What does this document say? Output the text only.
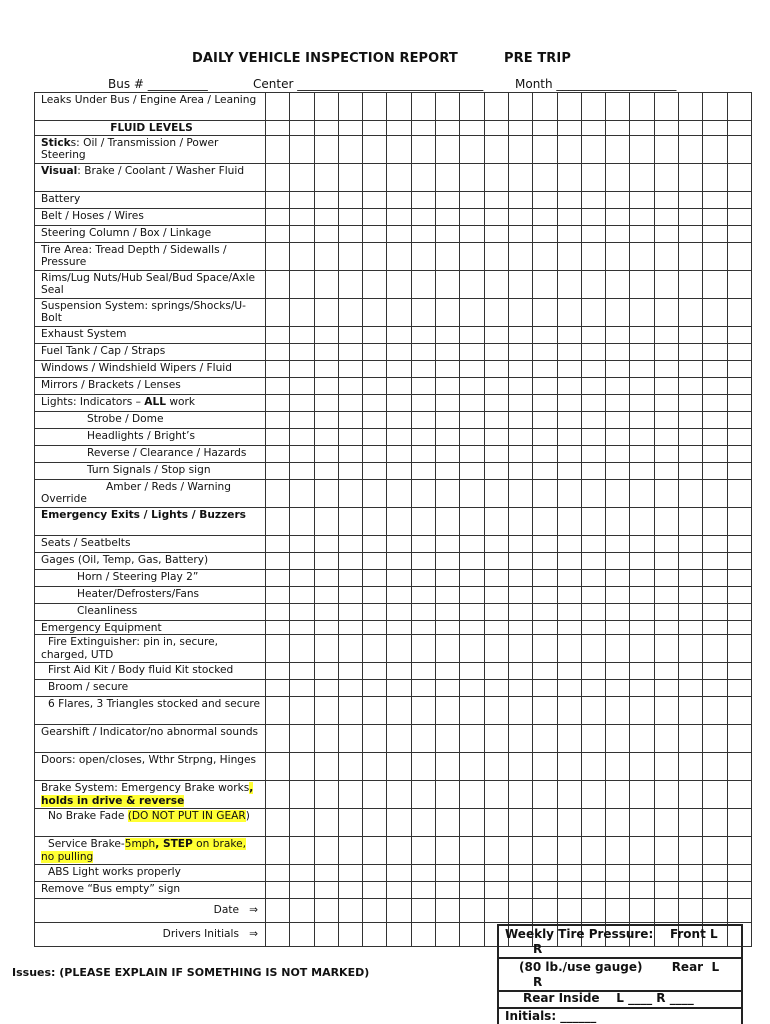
DAILY VEHICLE INSPECTION REPORT	PRE TRIP
Bus # __________	Center _______________________________	Month ____________________
Leaks Under Bus / Engine Area / Leaning																				

FLUID LEVELS																				

Sticks: Oil / Transmission / Power Steering																				
Visual: Brake / Coolant / Washer Fluid																				
Battery																				
Belt / Hoses / Wires																				
Steering Column / Box / Linkage																				
Tire Area: Tread Depth / Sidewalls / Pressure																				
Rims/Lug Nuts/Hub Seal/Bud Space/Axle Seal																				
Suspension System: springs/Shocks/U-Bolt																				
Exhaust System																				
Fuel Tank / Cap / Straps																				
Windows / Windshield Wipers / Fluid																				
Mirrors / Brackets / Lenses																				
Lights: Indicators – ALL work																				
Strobe / Dome																				
Headlights / Bright’s																				
Reverse / Clearance / Hazards																				
Turn Signals / Stop sign																				
Amber / Reds / Warning
Override																				
Emergency Exits / Lights / Buzzers																				
Seats / Seatbelts																				
Gages (Oil, Temp, Gas, Battery)																				
Horn / Steering Play 2”																				
Heater/Defrosters/Fans																				
Cleanliness																				
Emergency Equipment																				
Fire Extinguisher: pin in, secure, charged, UTD																				
First Aid Kit / Body fluid Kit stocked																				
Broom / secure																				
6 Flares, 3 Triangles stocked and secure																				
Gearshift / Indicator/no abnormal sounds																				
Doors: open/closes, Wthr Strpng, Hinges																				
Brake System: Emergency Brake works, holds in drive & reverse																				
No Brake Fade (DO NOT PUT IN GEAR)																				
Service Brake-5mph, STEP on brake, no pulling																				
ABS Light works properly																				
Remove “Bus empty” sign																				

Date ⇒																				

Drivers Initials ⇒																				

Issues: (PLEASE EXPLAIN IF SOMETHING IS NOT MARKED)
Weekly Tire Pressure:    Front L
R
(80 lb./use gauge)       Rear  L
R
Rear Inside    L ____ R ____
Initials: ______
